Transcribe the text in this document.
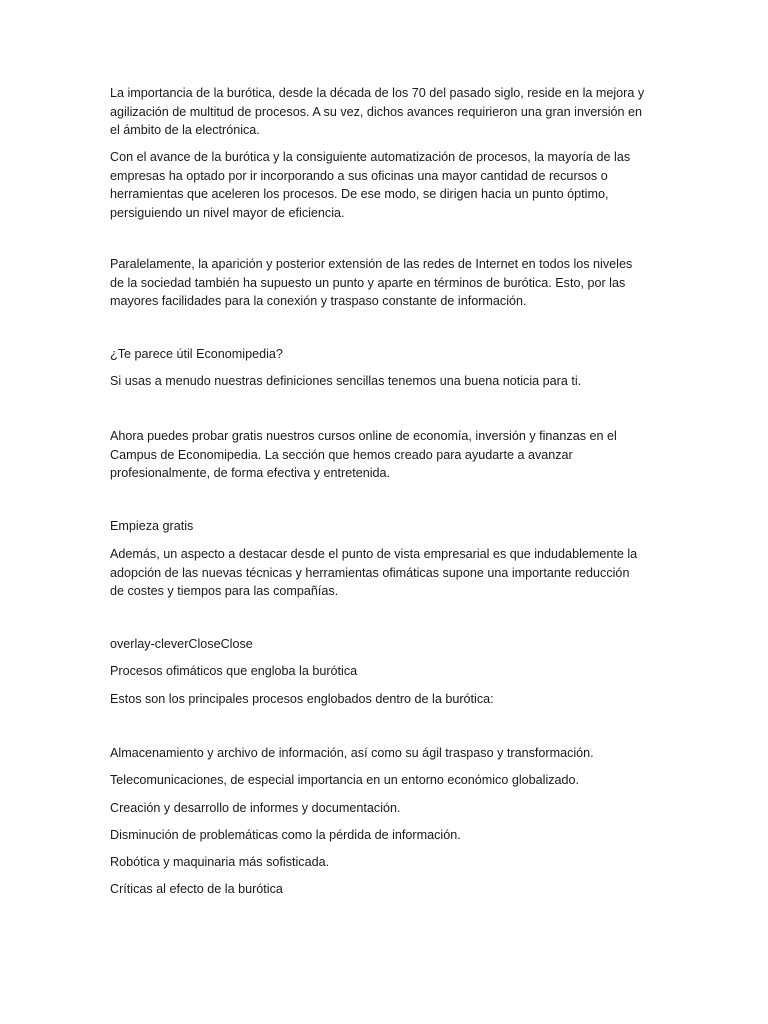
La importancia de la burótica, desde la década de los 70 del pasado siglo, reside en la mejora y
agilización de multitud de procesos. A su vez, dichos avances requirieron una gran inversión en
el ámbito de la electrónica.

Con el avance de la burótica y la consiguiente automatización de procesos, la mayoría de las
empresas ha optado por ir incorporando a sus oficinas una mayor cantidad de recursos o
herramientas que aceleren los procesos. De ese modo, se dirigen hacia un punto óptimo,
persiguiendo un nivel mayor de eficiencia.

Paralelamente, la aparición y posterior extensión de las redes de Internet en todos los niveles
de la sociedad también ha supuesto un punto y aparte en términos de burótica. Esto, por las
mayores facilidades para la conexión y traspaso constante de información.

¿Te parece útil Economipedia?

Si usas a menudo nuestras definiciones sencillas tenemos una buena noticia para ti.

Ahora puedes probar gratis nuestros cursos online de economía, inversión y finanzas en el
Campus de Economipedia. La sección que hemos creado para ayudarte a avanzar
profesionalmente, de forma efectiva y entretenida.

Empieza gratis

Además, un aspecto a destacar desde el punto de vista empresarial es que indudablemente la
adopción de las nuevas técnicas y herramientas ofimáticas supone una importante reducción
de costes y tiempos para las compañías.

overlay-cleverCloseClose

Procesos ofimáticos que engloba la burótica

Estos son los principales procesos englobados dentro de la burótica:

Almacenamiento y archivo de información, así como su ágil traspaso y transformación.

Telecomunicaciones, de especial importancia en un entorno económico globalizado.

Creación y desarrollo de informes y documentación.

Disminución de problemáticas como la pérdida de información.

Robótica y maquinaria más sofisticada.

Críticas al efecto de la burótica
